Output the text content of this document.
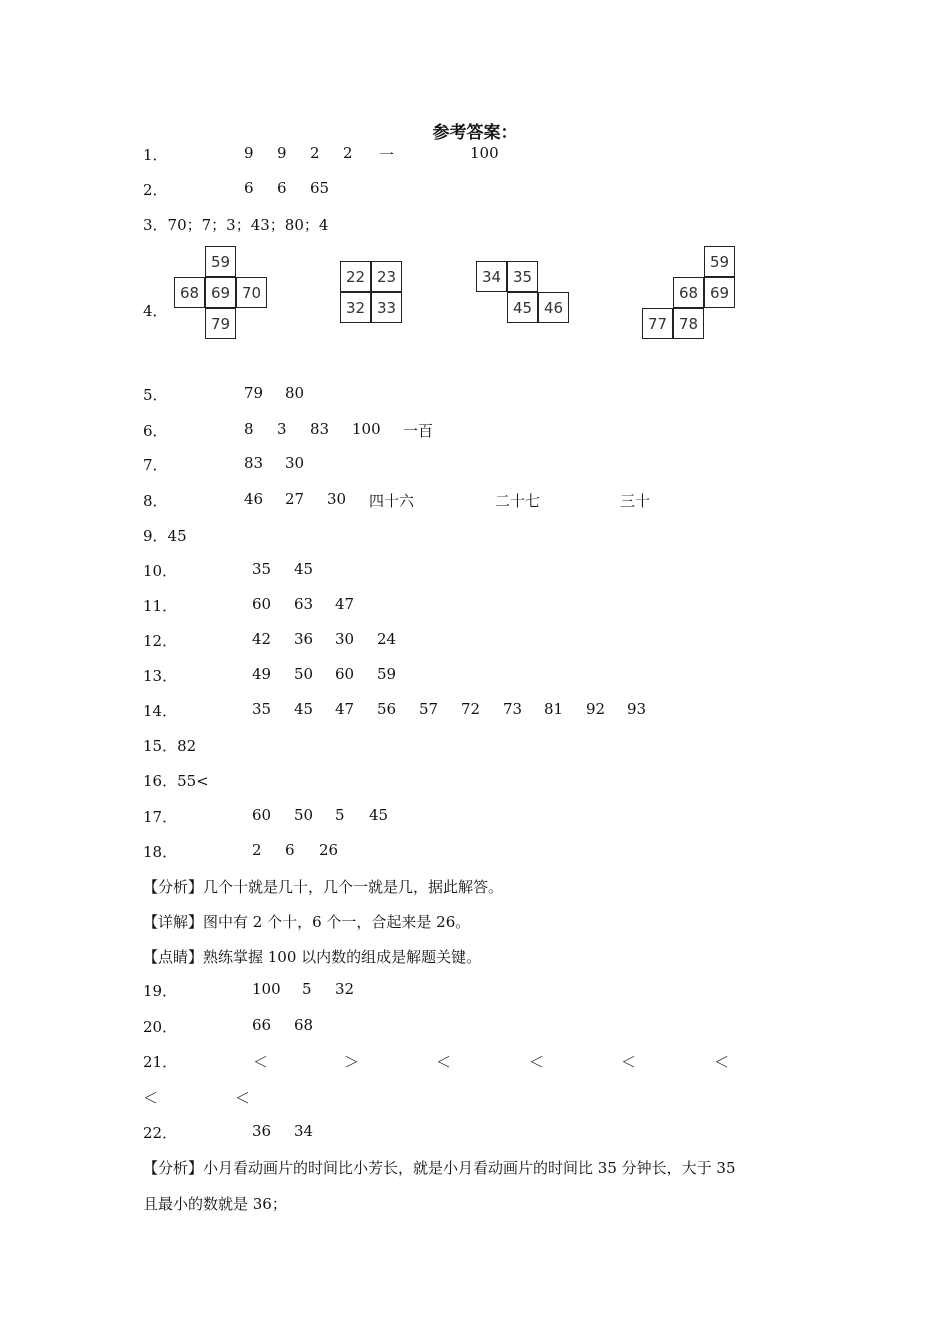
参考答案：
1．	9 9 2 2 一	100
2．	6 6 65
3．70；7；3；43；80；4
4．
59
68 69 70
79
22 23
32 33
34 35
45 46
59
68 69
77 78
5．	79 80
6．	8 3 83 100 一百
7．	83 30
8．	46 27 30 四十六	二十七	三十
9．45
10．	35 45
11．	60 63 47
12．	42 36 30 24
13．	49 50 60 59
14．	35 45 47 56 57 72 73 81 92 93
15．82
16．55<
17．	60 50 5 45
18．	2 6 26
【分析】几个十就是几十，几个一就是几，据此解答。
【详解】图中有 2 个十，6 个一，合起来是 26。
【点睛】熟练掌握 100 以内数的组成是解题关键。
19．	100 5 32
20．	66 68
21．	＜	＞	＜	＜	＜	＜
＜	＜
22．	36 34
【分析】小月看动画片的时间比小芳长，就是小月看动画片的时间比 35 分钟长，大于 35
且最小的数就是 36；
